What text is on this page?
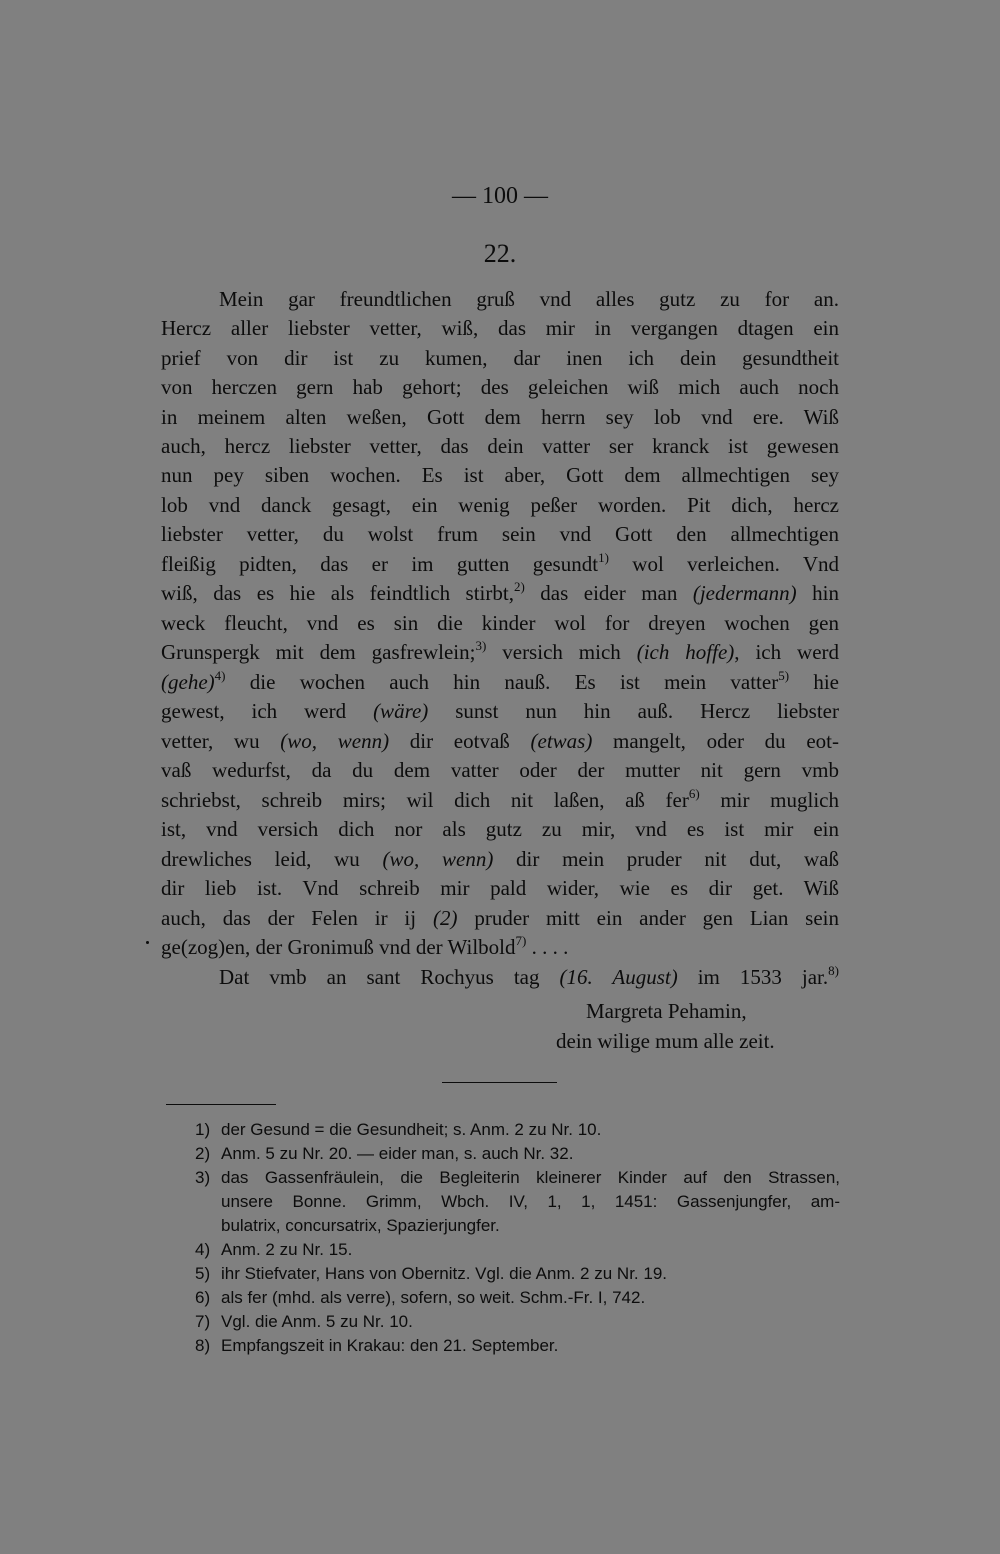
— 100 —
22.
Mein gar freundtlichen gruß vnd alles gutz zu for an.
Hercz aller liebster vetter, wiß, das mir in vergangen dtagen ein
prief von dir ist zu kumen, dar inen ich dein gesundtheit
von herczen gern hab gehort; des geleichen wiß mich auch noch
in meinem alten weßen, Gott dem herrn sey lob vnd ere. Wiß
auch, hercz liebster vetter, das dein vatter ser kranck ist gewesen
nun pey siben wochen. Es ist aber, Gott dem allmechtigen sey
lob vnd danck gesagt, ein wenig peßer worden. Pit dich, hercz
liebster vetter, du wolst frum sein vnd Gott den allmechtigen
fleißig pidten, das er im gutten gesundt$^{1)}$ wol verleichen. Vnd
wiß, das es hie als feindtlich stirbt,$^{2)}$ das eider man (jedermann) hin
weck fleucht, vnd es sin die kinder wol for dreyen wochen gen
Grunspergk mit dem gasfrewlein;$^{3)}$ versich mich (ich hoffe), ich werd
(gehe)$^{4)}$ die wochen auch hin nauß. Es ist mein vatter$^{5)}$ hie
gewest, ich werd (wäre) sunst nun hin auß. Hercz liebster
vetter, wu (wo, wenn) dir eotvaß (etwas) mangelt, oder du eot-
vaß wedurfst, da du dem vatter oder der mutter nit gern vmb
schriebst, schreib mirs; wil dich nit laßen, aß fer$^{6)}$ mir muglich
ist, vnd versich dich nor als gutz zu mir, vnd es ist mir ein
drewliches leid, wu (wo, wenn) dir mein pruder nit dut, waß
dir lieb ist. Vnd schreib mir pald wider, wie es dir get. Wiß
auch, das der Felen ir ij (2) pruder mitt ein ander gen Lian sein
ge(zog)en, der Gronimuß vnd der Wilbold$^{7)}$ . . . .
Dat vmb an sant Rochyus tag (16. August) im 1533 jar.$^{8)}$
Margreta Pehamin,
dein wilige mum alle zeit.
1) der Gesund = die Gesundheit; s. Anm. 2 zu Nr. 10.
2) Anm. 5 zu Nr. 20. — eider man, s. auch Nr. 32.
3) das Gassenfräulein, die Begleiterin kleinerer Kinder auf den Strassen,
unsere Bonne. Grimm, Wbch. IV, 1, 1, 1451: Gassenjungfer, am-
bulatrix, concursatrix, Spazierjungfer.
4) Anm. 2 zu Nr. 15.
5) ihr Stiefvater, Hans von Obernitz. Vgl. die Anm. 2 zu Nr. 19.
6) als fer (mhd. als verre), sofern, so weit. Schm.-Fr. I, 742.
7) Vgl. die Anm. 5 zu Nr. 10.
8) Empfangszeit in Krakau: den 21. September.
